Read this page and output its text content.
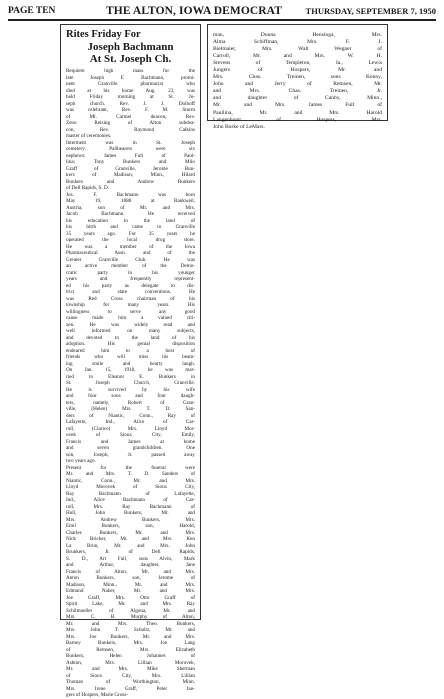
PAGE TEN	THE ALTON, IOWA DEMOCRAT	THURSDAY, SEPTEMBER 7, 1950
Rites Friday For
Joseph Bachmann
At St. Joseph Ch.
Requiem high mass for the
late Joseph F. Bachmann, promi-
nent Granville pharmacist who
died at his home Aug. 23, was
held Friday morning at St. Jo-
seph church. Rev. J. J. Dolhoff
was celebrant, Rev. F. M. Sturm
of Mt. Carmel deacon, Rev.
Zeno Reising of Alton subdea-
con, Rev. Raymond Calkins
master of ceremonies.
Interment was in St. Joseph
cemetery. Pallbearers were six
nephews: James Full of Paul-
lina; Tony Bunkers and Milo
Graff of Granville, Jerome Bun-
kers of Madison, Minn., Hilard
Bunkers and Andrew Bunkers
of Dell Rapids, S. D.
Jos. F. Bachmann was born
May 19, 1888 at Rankweil,
Austria, son of Mr. and Mrs.
Jacob Bachmann. He received
his education in the land of
his birth and came to Granville
35 years ago. For 35 years he
operated the local drug store.
He was a member of the Iowa
Pharmaceutical Assn. and of the
Greater Granville Club. He was
an active member of the Demo-
cratic party in his younger
years and frequently represent-
ed his party as delegate to dis-
trict and state conventions. He
was Red Cross chairman of his
township for many years. His
willingness to serve any good
cause made him a valued citi-
zen. He was widely read and
well informed on many subjects,
and devoted to the land of his
adoption. His genial disposition
endeared him to a host of
friends who will miss his beam-
ing smile and hearty laugh.
On Jan. 15, 1918, he was mar-
ried to Eleanor E. Bunkers in
St. Joseph Church, Granville.
He is survived by his wife
and four sons and four daugh-
ters, namely, Robert of Gran-
ville, (Helen) Mrs. T. D. San-
ders of Niantic, Conn., Ray of
Lafayette, Ind., Alice of Car-
roll, (Clarice) Mrs. Lloyd Mor-
ovek of Sioux City, Emily,
Francis and James at home
and seven grandchildren. One
son, Joseph, Jr. passed away
two years ago.
Present for the funeral were
Mr. and Mrs. T. D. Sanders of
Niantic, Conn., Mr. and Mrs.
Lloyd Morovek of Sioux City,
Ray Bachmann of Lafayette,
Ind., Alice Bachmann of Car-
roll, Mrs. Ray Bachmann of
Hull, John Bunkers, Mr. and
Mrs. Andrew Bunkers, Mrs.
Emil Bunkers, son, Harold,
Charles Bunkers, Mr. and Mrs.
Nick Bricker, Mr. and Mrs. Ken
La Brun, Mr. and Mrs. John
Brunkers, Jr. of Dell Rapids,
S. D., Art Full, sons Alvin, Mark
and Arthur, daughter, Jane
Francis of Alton, Mr. and Mrs.
Anton Bunkers, son, Jerome of
Madison, Minn., Mr. and Mrs.
Edmund Naber, Mr. and Mrs.
Joe Graff, Mrs. Otto Graff of
Spirit Lake, Mr. and Mrs. Ray
Schilmoeller of Algona, Mr. and
Mrs. C. B. Murphy of Alton,
Mr. and Mrs. Theo. Bunkers,
Mrs. John T. Schultz, Mr. and
Mrs. Joe Bunkers, Mr. and Mrs.
Barney Bunkers, Mrs. Joe Lang
of Remsen, Mrs. Elizabeth
Bunkers, Helen Johannes of
Ashton, Mrs. Lillian Morovek,
Mr. and Mrs. Mike Sherman
of Sioux City, Mrs. Lillian
Thoman of Worthington, Minn.
Mrs. Irene Graff, Peter Jan-
gers of Hospers, Marie Gross-
man, Donna Hensinga, Mrs.
Alma Schiffman, Mrs. F. J.
Bielmaier, Mrs. Walt Wegner of
Carroll, Mr. and Mrs. W. H.
Stevens of Templeton, Ia., Lewis
Jungers of Hospers, Mr. and
Mrs. Chas. Treinen, sons Kenny,
John and Jerry of Remsen, Mr.
and Mrs. Chas. Treinen, Jr.
and daughter of Canby, Minn.,
Mr. and Mrs. James Full of
Paullina, Mr. and Mrs. Harold
Langenhorst of Hospers, Mrs.
John Burke of LeMars.
